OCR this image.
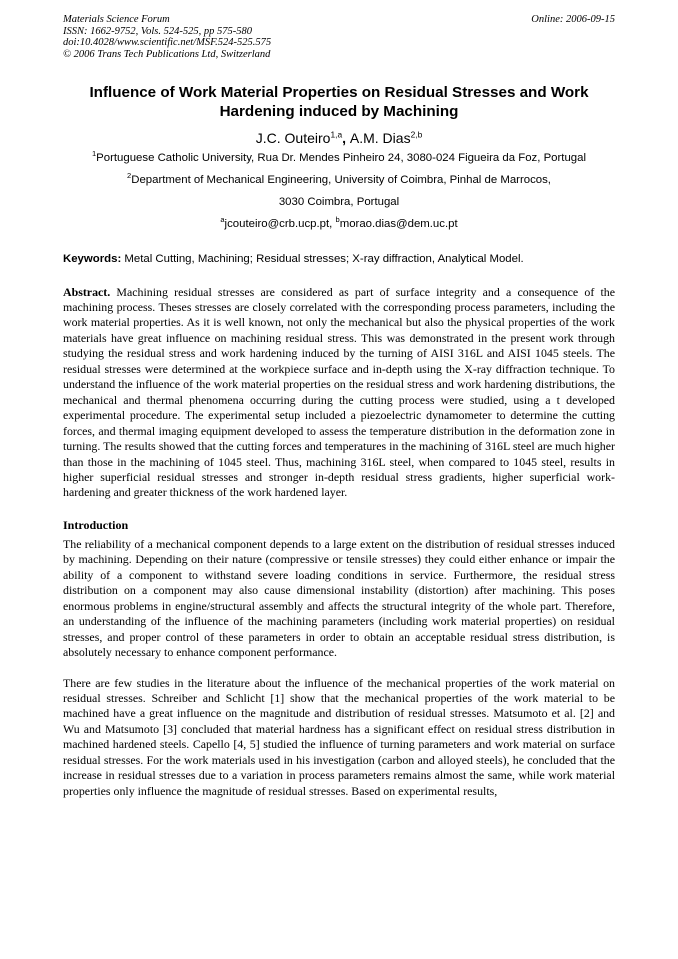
Materials Science Forum
ISSN: 1662-9752, Vols. 524-525, pp 575-580
doi:10.4028/www.scientific.net/MSF.524-525.575
© 2006 Trans Tech Publications Ltd, Switzerland
Online: 2006-09-15
Influence of Work Material Properties on Residual Stresses and Work Hardening induced by Machining
J.C. Outeiro$^{1,a}$, A.M. Dias$^{2,b}$
$^1$Portuguese Catholic University, Rua Dr. Mendes Pinheiro 24, 3080-024 Figueira da Foz, Portugal
$^2$Department of Mechanical Engineering, University of Coimbra, Pinhal de Marrocos,
3030 Coimbra, Portugal
$^a$jcouteiro@crb.ucp.pt, $^b$morao.dias@dem.uc.pt
Keywords: Metal Cutting, Machining; Residual stresses; X-ray diffraction, Analytical Model.

Abstract. Machining residual stresses are considered as part of surface integrity and a consequence of the machining process. Theses stresses are closely correlated with the corresponding process parameters, including the work material properties. As it is well known, not only the mechanical but also the physical properties of the work materials have great influence on machining residual stress. This was demonstrated in the present work through studying the residual stress and work hardening induced by the turning of AISI 316L and AISI 1045 steels. The residual stresses were determined at the workpiece surface and in-depth using the X-ray diffraction technique. To understand the influence of the work material properties on the residual stress and work hardening distributions, the mechanical and thermal phenomena occurring during the cutting process were studied, using a t developed experimental procedure. The experimental setup included a piezoelectric dynamometer to determine the cutting forces, and thermal imaging equipment developed to assess the temperature distribution in the deformation zone in turning. The results showed that the cutting forces and temperatures in the machining of 316L steel are much higher than those in the machining of 1045 steel. Thus, machining 316L steel, when compared to 1045 steel, results in higher superficial residual stresses and stronger in-depth residual stress gradients, higher superficial work-hardening and greater thickness of the work hardened layer.

Introduction

The reliability of a mechanical component depends to a large extent on the distribution of residual stresses induced by machining. Depending on their nature (compressive or tensile stresses) they could either enhance or impair the ability of a component to withstand severe loading conditions in service. Furthermore, the residual stress distribution on a component may also cause dimensional instability (distortion) after machining. This poses enormous problems in engine/structural assembly and affects the structural integrity of the whole part. Therefore, an understanding of the influence of the machining parameters (including work material properties) on residual stresses, and proper control of these parameters in order to obtain an acceptable residual stress distribution, is absolutely necessary to enhance component performance.

There are few studies in the literature about the influence of the mechanical properties of the work material on residual stresses. Schreiber and Schlicht [1] show that the mechanical properties of the work material to be machined have a great influence on the magnitude and distribution of residual stresses. Matsumoto et al. [2] and Wu and Matsumoto [3] concluded that material hardness has a significant effect on residual stress distribution in machined hardened steels. Capello [4, 5] studied the influence of turning parameters and work material on surface residual stresses. For the work materials used in his investigation (carbon and alloyed steels), he concluded that the increase in residual stresses due to a variation in process parameters remains almost the same, while work material properties only influence the magnitude of residual stresses. Based on experimental results,
